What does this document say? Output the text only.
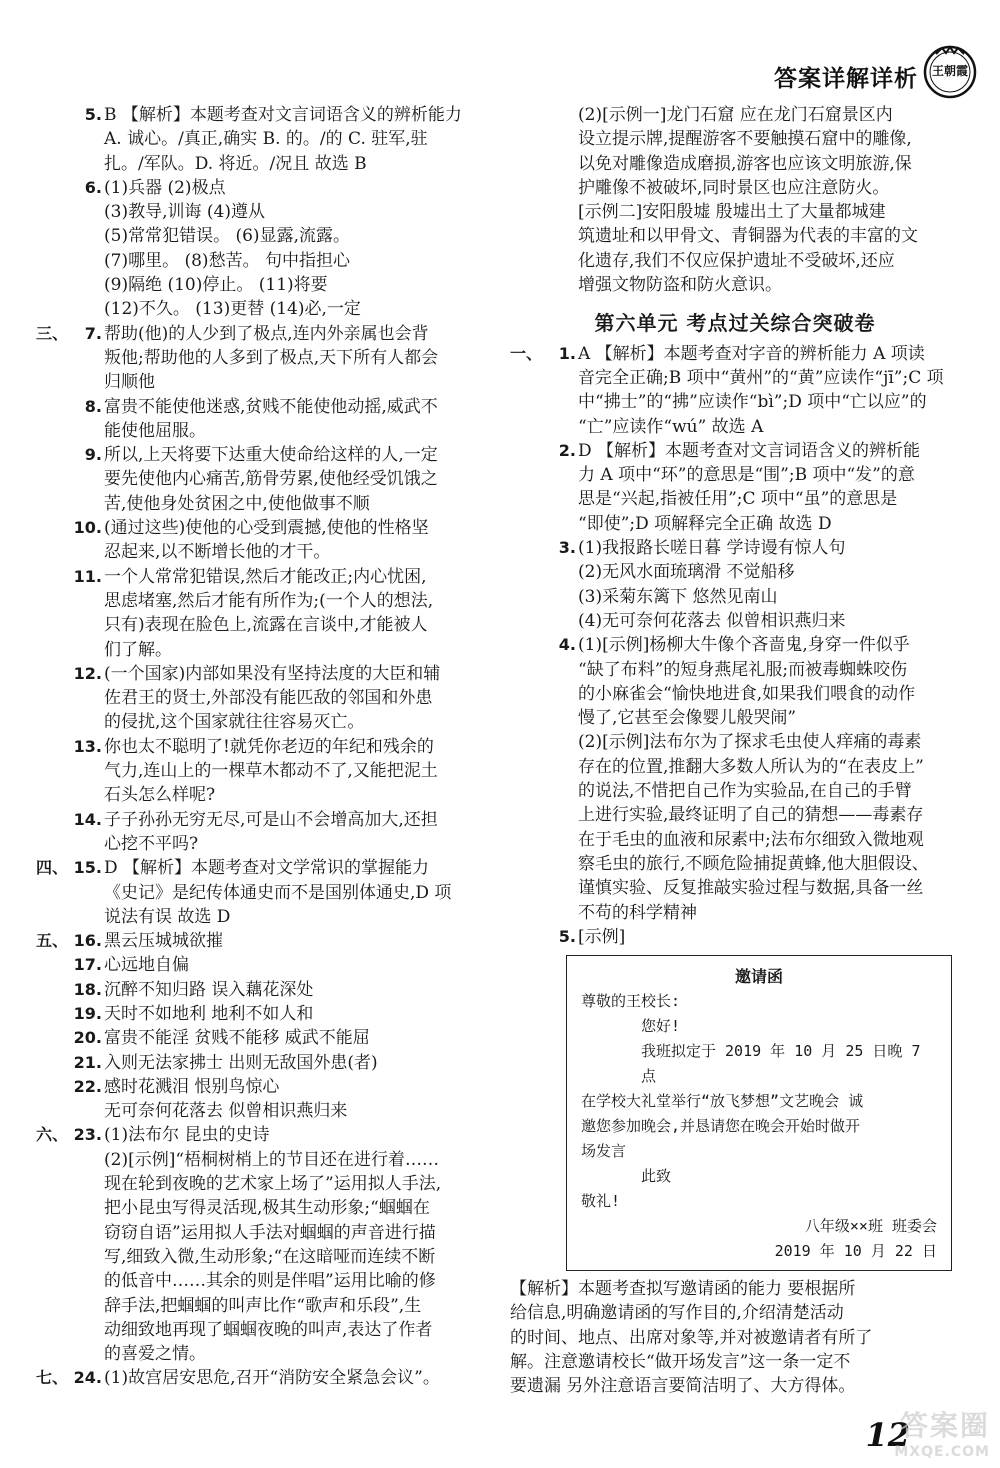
答案详解详析	王朝霞
5. B 【解析】本题考查对文言词语含义的辨析能力
A. 诚心。/真正,确实 B. 的。/的 C. 驻军,驻
扎。/军队。D. 将近。/况且 故选 B
6. (1)兵器 (2)极点
(3)教导,训诲 (4)遵从
(5)常常犯错误。 (6)显露,流露。
(7)哪里。 (8)愁苦。 句中指担心
(9)隔绝 (10)停止。 (11)将要
(12)不久。 (13)更替 (14)必,一定
三、	7. 帮助(他)的人少到了极点,连内外亲属也会背
叛他;帮助他的人多到了极点,天下所有人都会
归顺他
8. 富贵不能使他迷惑,贫贱不能使他动摇,威武不
能使他屈服。
9. 所以,上天将要下达重大使命给这样的人,一定
要先使他内心痛苦,筋骨劳累,使他经受饥饿之
苦,使他身处贫困之中,使他做事不顺
10. (通过这些)使他的心受到震撼,使他的性格坚
忍起来,以不断增长他的才干。
11. 一个人常常犯错误,然后才能改正;内心忧困,
思虑堵塞,然后才能有所作为;(一个人的想法,
只有)表现在脸色上,流露在言谈中,才能被人
们了解。
12. (一个国家)内部如果没有坚持法度的大臣和辅
佐君王的贤士,外部没有能匹敌的邻国和外患
的侵扰,这个国家就往往容易灭亡。
13. 你也太不聪明了!就凭你老迈的年纪和残余的
气力,连山上的一棵草木都动不了,又能把泥土
石头怎么样呢?
14. 子子孙孙无穷无尽,可是山不会增高加大,还担
心挖不平吗?
四、 15. D 【解析】本题考查对文学常识的掌握能力
《史记》是纪传体通史而不是国别体通史,D 项
说法有误 故选 D
五、 16. 黑云压城城欲摧
17. 心远地自偏
18. 沉醉不知归路 误入藕花深处
19. 天时不如地利 地利不如人和
20. 富贵不能淫 贫贱不能移 威武不能屈
21. 入则无法家拂士 出则无敌国外患(者)
22. 感时花溅泪 恨别鸟惊心
无可奈何花落去 似曾相识燕归来
六、 23. (1)法布尔 昆虫的史诗
(2)[示例]“梧桐树梢上的节目还在进行着……
现在轮到夜晚的艺术家上场了”运用拟人手法,
把小昆虫写得灵活现,极其生动形象;“蝈蝈在
窃窃自语”运用拟人手法对蝈蝈的声音进行描
写,细致入微,生动形象;“在这暗哑而连续不断
的低音中……其余的则是伴唱”运用比喻的修
辞手法,把蝈蝈的叫声比作“歌声和乐段”,生
动细致地再现了蝈蝈夜晚的叫声,表达了作者
的喜爱之情。
七、 24. (1)故宫居安思危,召开“消防安全紧急会议”。
(2)[示例一]龙门石窟 应在龙门石窟景区内
设立提示牌,提醒游客不要触摸石窟中的雕像,
以免对雕像造成磨损,游客也应该文明旅游,保
护雕像不被破坏,同时景区也应注意防火。
[示例二]安阳殷墟 殷墟出土了大量都城建
筑遗址和以甲骨文、青铜器为代表的丰富的文
化遗存,我们不仅应保护遗址不受破坏,还应
增强文物防盗和防火意识。
第六单元 考点过关综合突破卷
一、	1. A 【解析】本题考查对字音的辨析能力 A 项读
音完全正确;B 项中“黄州”的“黄”应读作“jī”;C 项
中“拂士”的“拂”应读作“bì”;D 项中“亡以应”的
“亡”应读作“wú” 故选 A
2. D 【解析】本题考查对文言词语含义的辨析能
力 A 项中“环”的意思是“围”;B 项中“发”的意
思是“兴起,指被任用”;C 项中“虽”的意思是
“即使”;D 项解释完全正确 故选 D
3. (1)我报路长嗟日暮 学诗谩有惊人句
(2)无风水面琉璃滑 不觉船移
(3)采菊东篱下 悠然见南山
(4)无可奈何花落去 似曾相识燕归来
4. (1)[示例]杨柳大牛像个吝啬鬼,身穿一件似乎
“缺了布料”的短身燕尾礼服;而被毒蜘蛛咬伤
的小麻雀会“愉快地进食,如果我们喂食的动作
慢了,它甚至会像婴儿般哭闹”
(2)[示例]法布尔为了探求毛虫使人痒痛的毒素
存在的位置,推翻大多数人所认为的“在表皮上”
的说法,不惜把自己作为实验品,在自己的手臂
上进行实验,最终证明了自己的猜想——毒素存
在于毛虫的血液和尿素中;法布尔细致入微地观
察毛虫的旅行,不顾危险捕捉黄蜂,他大胆假设、
谨慎实验、反复推敲实验过程与数据,具备一丝
不苟的科学精神
5. [示例]
邀请函
尊敬的王校长:
您好!
我班拟定于 2019 年 10 月 25 日晚 7 点
在学校大礼堂举行“放飞梦想”文艺晚会 诚
邀您参加晚会,并恳请您在晚会开始时做开
场发言
此致
敬礼!
八年级××班 班委会
2019 年 10 月 22 日
【解析】本题考查拟写邀请函的能力 要根据所
给信息,明确邀请函的写作目的,介绍清楚活动
的时间、地点、出席对象等,并对被邀请者有所了
解。注意邀请校长“做开场发言”这一条一定不
要遗漏 另外注意语言要简洁明了、大方得体。
12
答案圈
MXQE.COM
